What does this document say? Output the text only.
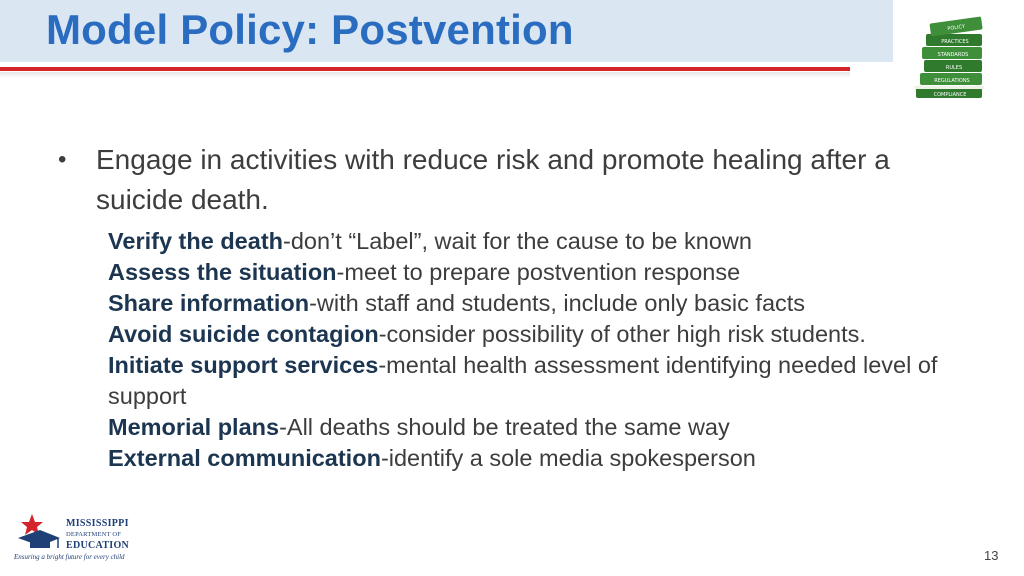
Model Policy: Postvention
COMPLIANCE
REGULATIONS
RULES
STANDARDS
PRACTICES
POLICY
•	Engage in activities with reduce risk and promote healing after a suicide death.
Verify the death-don’t “Label”, wait for the cause to be known
Assess the situation-meet to prepare postvention response
Share information-with staff and students, include only basic facts
Avoid suicide contagion-consider possibility of other high risk students.
Initiate support services-mental health assessment identifying needed level of support
Memorial plans-All deaths should be treated the same way
External communication-identify a sole media spokesperson
MISSISSIPPI
DEPARTMENT OF
EDUCATION
Ensuring a bright future for every child	13
